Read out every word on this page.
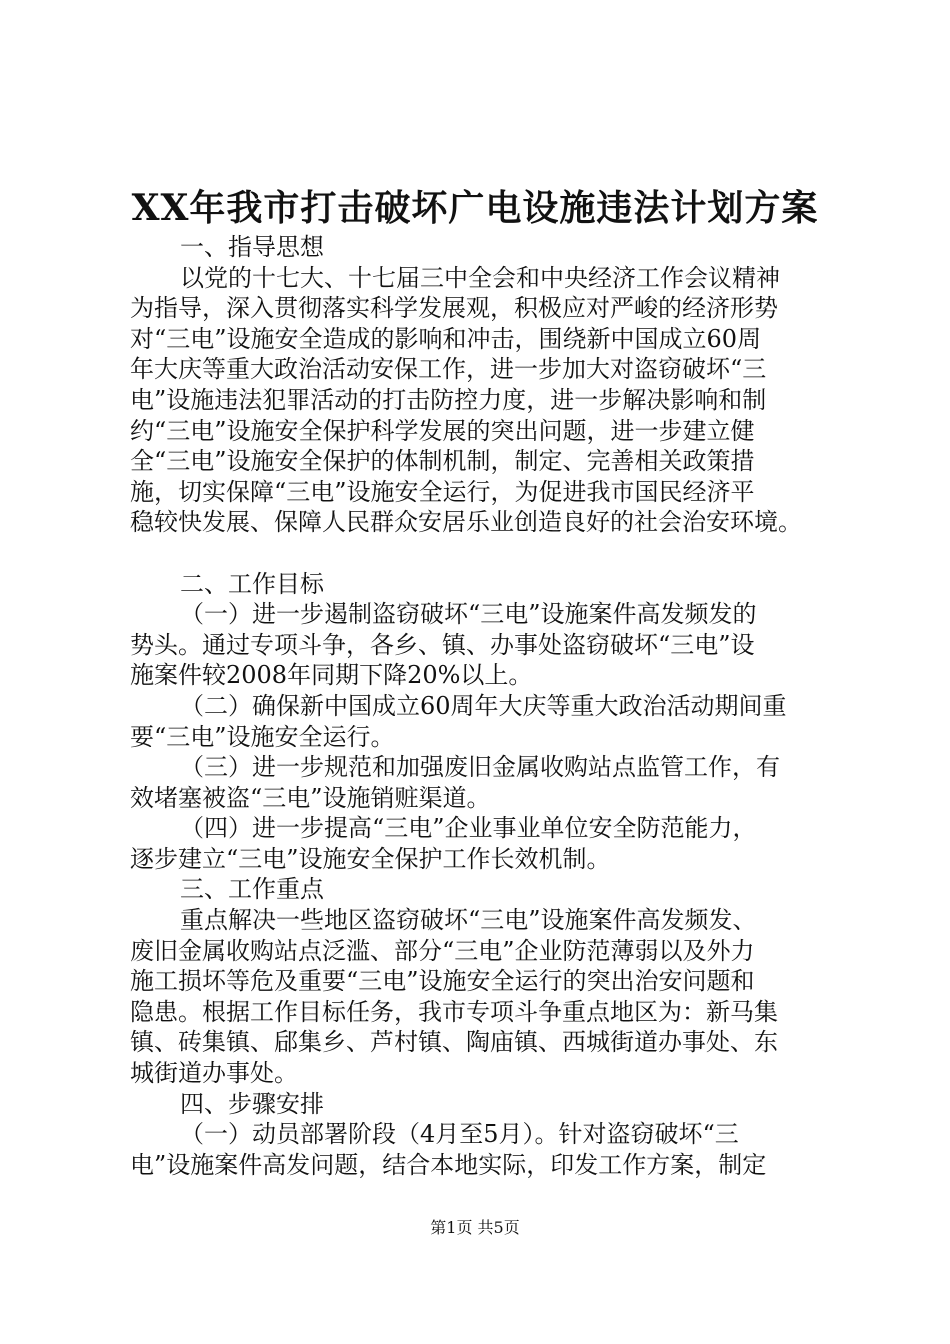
XX年我市打击破坏广电设施违法计划方案
一、指导思想
以党的十七大、十七届三中全会和中央经济工作会议精神
为指导，深入贯彻落实科学发展观，积极应对严峻的经济形势
对“三电”设施安全造成的影响和冲击，围绕新中国成立60周
年大庆等重大政治活动安保工作，进一步加大对盗窃破坏“三
电”设施违法犯罪活动的打击防控力度，进一步解决影响和制
约“三电”设施安全保护科学发展的突出问题，进一步建立健
全“三电”设施安全保护的体制机制，制定、完善相关政策措
施，切实保障“三电”设施安全运行，为促进我市国民经济平
稳较快发展、保障人民群众安居乐业创造良好的社会治安环境。
二、工作目标
（一）进一步遏制盗窃破坏“三电”设施案件高发频发的
势头。通过专项斗争，各乡、镇、办事处盗窃破坏“三电”设
施案件较2008年同期下降20%以上。
（二）确保新中国成立60周年大庆等重大政治活动期间重
要“三电”设施安全运行。
（三）进一步规范和加强废旧金属收购站点监管工作，有
效堵塞被盗“三电”设施销赃渠道。
（四）进一步提高“三电”企业事业单位安全防范能力，
逐步建立“三电”设施安全保护工作长效机制。
三、工作重点
重点解决一些地区盗窃破坏“三电”设施案件高发频发、
废旧金属收购站点泛滥、部分“三电”企业防范薄弱以及外力
施工损坏等危及重要“三电”设施安全运行的突出治安问题和
隐患。根据工作目标任务，我市专项斗争重点地区为：新马集
镇、砖集镇、郈集乡、芦村镇、陶庙镇、西城街道办事处、东
城街道办事处。
四、步骤安排
（一）动员部署阶段（4月至5月）。针对盗窃破坏“三
电”设施案件高发问题，结合本地实际，印发工作方案，制定
第1页 共5页
